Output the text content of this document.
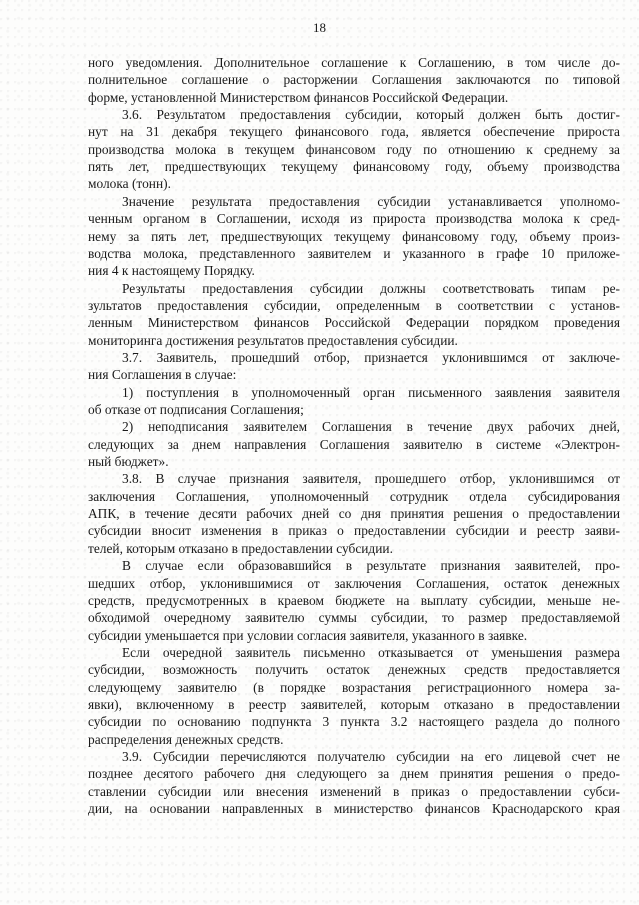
18
ного уведомления. Дополнительное соглашение к Соглашению, в том числе до-
полнительное соглашение о расторжении Соглашения заключаются по типовой
форме, установленной Министерством финансов Российской Федерации.
3.6. Результатом предоставления субсидии, который должен быть достиг-
нут на 31 декабря текущего финансового года, является обеспечение прироста
производства молока в текущем финансовом году по отношению к среднему за
пять лет, предшествующих текущему финансовому году, объему производства
молока (тонн).
Значение результата предоставления субсидии устанавливается уполномо-
ченным органом в Соглашении, исходя из прироста производства молока к сред-
нему за пять лет, предшествующих текущему финансовому году, объему произ-
водства молока, представленного заявителем и указанного в графе 10 приложе-
ния 4 к настоящему Порядку.
Результаты предоставления субсидии должны соответствовать типам ре-
зультатов предоставления субсидии, определенным в соответствии с установ-
ленным Министерством финансов Российской Федерации порядком проведения
мониторинга достижения результатов предоставления субсидии.
3.7. Заявитель, прошедший отбор, признается уклонившимся от заключе-
ния Соглашения в случае:
1) поступления в уполномоченный орган письменного заявления заявителя
об отказе от подписания Соглашения;
2) неподписания заявителем Соглашения в течение двух рабочих дней,
следующих за днем направления Соглашения заявителю в системе «Электрон-
ный бюджет».
3.8. В случае признания заявителя, прошедшего отбор, уклонившимся от
заключения Соглашения, уполномоченный сотрудник отдела субсидирования
АПК, в течение десяти рабочих дней со дня принятия решения о предоставлении
субсидии вносит изменения в приказ о предоставлении субсидии и реестр заяви-
телей, которым отказано в предоставлении субсидии.
В случае если образовавшийся в результате признания заявителей, про-
шедших отбор, уклонившимися от заключения Соглашения, остаток денежных
средств, предусмотренных в краевом бюджете на выплату субсидии, меньше не-
обходимой очередному заявителю суммы субсидии, то размер предоставляемой
субсидии уменьшается при условии согласия заявителя, указанного в заявке.
Если очередной заявитель письменно отказывается от уменьшения размера
субсидии, возможность получить остаток денежных средств предоставляется
следующему заявителю (в порядке возрастания регистрационного номера за-
явки), включенному в реестр заявителей, которым отказано в предоставлении
субсидии по основанию подпункта 3 пункта 3.2 настоящего раздела до полного
распределения денежных средств.
3.9. Субсидии перечисляются получателю субсидии на его лицевой счет не
позднее десятого рабочего дня следующего за днем принятия решения о предо-
ставлении субсидии или внесения изменений в приказ о предоставлении субси-
дии, на основании направленных в министерство финансов Краснодарского края
